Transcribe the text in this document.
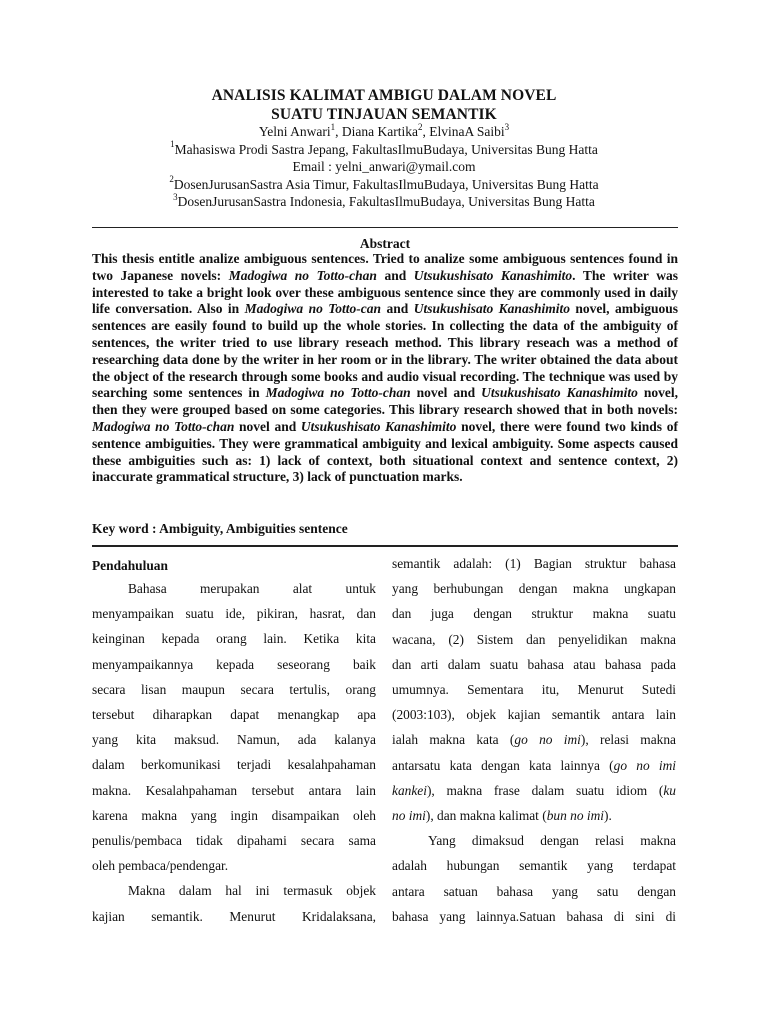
ANALISIS KALIMAT AMBIGU DALAM NOVEL
SUATU TINJAUAN SEMANTIK
Yelni Anwari$^1$, Diana Kartika$^2$, ElvinaA Saibi$^3$
$^1$Mahasiswa Prodi Sastra Jepang, FakultasIlmuBudaya, Universitas Bung Hatta
Email : yelni_anwari@ymail.com
$^2$DosenJurusanSastra Asia Timur, FakultasIlmuBudaya, Universitas Bung Hatta
$^3$DosenJurusanSastra Indonesia, FakultasIlmuBudaya, Universitas Bung Hatta
Abstract
This thesis entitle analize ambiguous sentences. Tried to analize some ambiguous sentences found in two Japanese novels: Madogiwa no Totto-chan and Utsukushisato Kanashimito. The writer was interested to take a bright look over these ambiguous sentence since they are commonly used in daily life conversation. Also in Madogiwa no Totto-can and Utsukushisato Kanashimito novel, ambiguous sentences are easily found to build up the whole stories. In collecting the data of the ambiguity of sentences, the writer tried to use library reseach method. This library reseach was a method of researching data done by the writer in her room or in the library. The writer obtained the data about the object of the research through some books and audio visual recording. The technique was used by searching some sentences in Madogiwa no Totto-chan novel and Utsukushisato Kanashimito novel, then they were grouped based on some categories. This library research showed that in both novels: Madogiwa no Totto-chan novel and Utsukushisato Kanashimito novel, there were found two kinds of sentence ambiguities. They were grammatical ambiguity and lexical ambiguity. Some aspects caused these ambiguities such as: 1) lack of context, both situational context and sentence context, 2) inaccurate grammatical structure, 3) lack of punctuation marks.
Key word : Ambiguity, Ambiguities sentence

Pendahuluan

Bahasa merupakan alat untuk
menyampaikan suatu ide, pikiran, hasrat, dan
keinginan kepada orang lain. Ketika kita
menyampaikannya kepada seseorang baik
secara lisan maupun secara tertulis, orang
tersebut diharapkan dapat menangkap apa
yang kita maksud. Namun, ada kalanya
dalam berkomunikasi terjadi kesalahpahaman
makna. Kesalahpahaman tersebut antara lain
karena makna yang ingin disampaikan oleh
penulis/pembaca tidak dipahami secara sama
oleh pembaca/pendengar.
Makna dalam hal ini termasuk objek
kajian semantik. Menurut Kridalaksana,
semantik adalah: (1) Bagian struktur bahasa
yang berhubungan dengan makna ungkapan
dan juga dengan struktur makna suatu
wacana, (2) Sistem dan penyelidikan makna
dan arti dalam suatu bahasa atau bahasa pada
umumnya. Sementara itu, Menurut Sutedi
(2003:103), objek kajian semantik antara lain
ialah makna kata (go no imi), relasi makna
antarsatu kata dengan kata lainnya (go no imi
kankei), makna frase dalam suatu idiom (ku
no imi), dan makna kalimat (bun no imi).
Yang dimaksud dengan relasi makna
adalah hubungan semantik yang terdapat
antara satuan bahasa yang satu dengan
bahasa yang lainnya.Satuan bahasa di sini di
